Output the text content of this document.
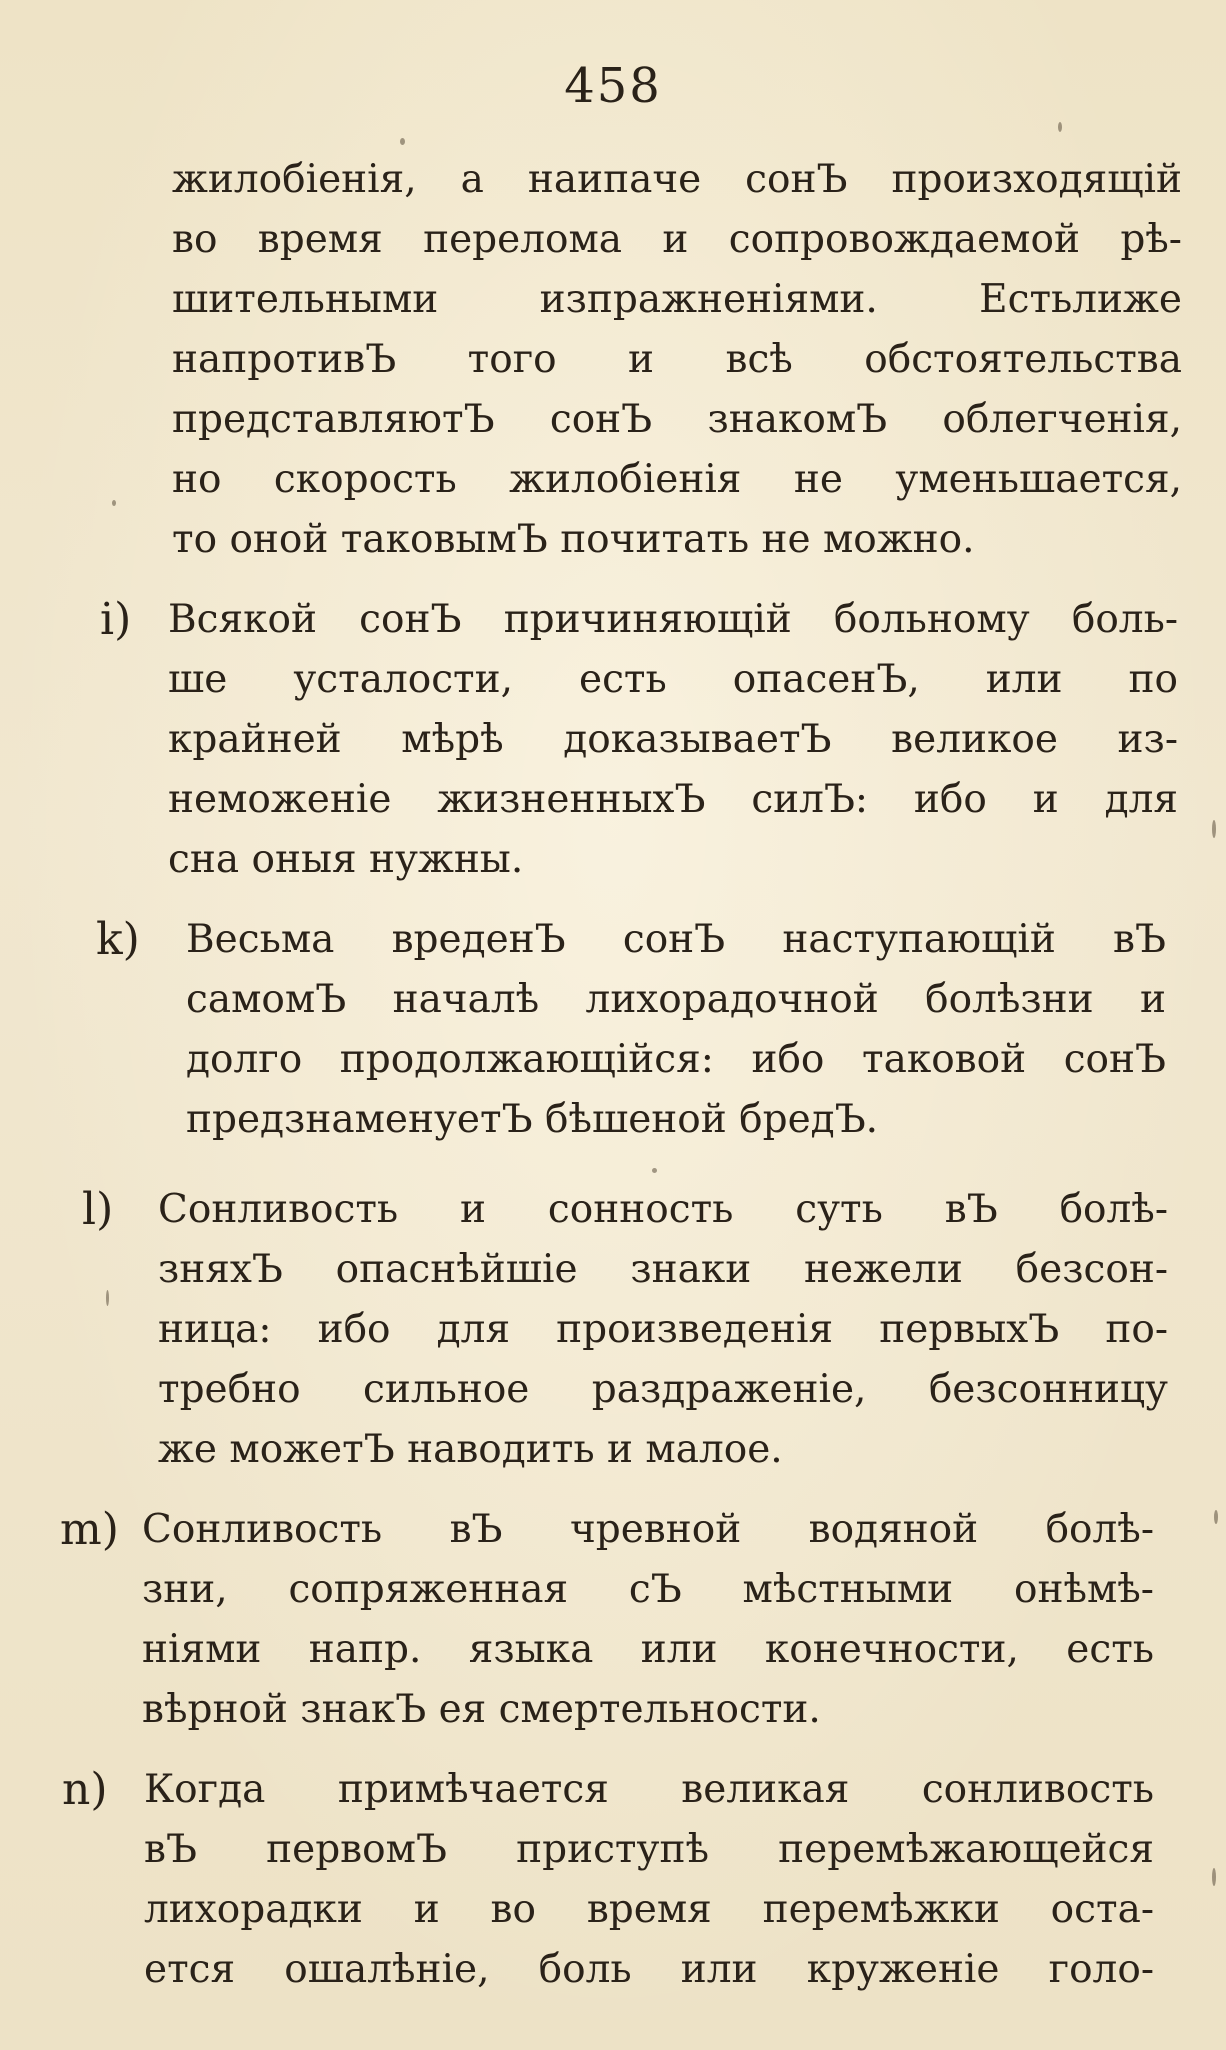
458
жилобіенія, а наипаче сонЪ произходящій
во время перелома и сопровождаемой рѣ-
шительными изпражненіями. Естьлиже
напротивЪ того и всѣ обстоятельства
представляютЪ сонЪ знакомЪ облегченія,
но скорость жилобіенія не уменьшается,
то оной таковымЪ почитать не можно.
i) Всякой сонЪ причиняющій больному боль-
ше усталости, есть опасенЪ, или по
крайней мѣрѣ доказываетЪ великое из-
неможеніе жизненныхЪ силЪ: ибо и для
сна оныя нужны.
k) Весьма вреденЪ сонЪ наступающій вЪ
самомЪ началѣ лихорадочной болѣзни и
долго продолжающійся: ибо таковой сонЪ
предзнаменуетЪ бѣшеной бредЪ.
l) Сонливость и сонность суть вЪ болѣ-
зняхЪ опаснѣйшіе знаки нежели безсон-
ница: ибо для произведенія первыхЪ по-
требно сильное раздраженіе, безсонницу
же можетЪ наводить и малое.
m) Сонливость вЪ чревной водяной болѣ-
зни, сопряженная сЪ мѣстными онѣмѣ-
ніями напр. языка или конечности, есть
вѣрной знакЪ ея смертельности.
n) Когда примѣчается великая сонливость
вЪ первомЪ приступѣ перемѣжающейся
лихорадки и во время перемѣжки оста-
ется ошалѣніе, боль или круженіе голо-
